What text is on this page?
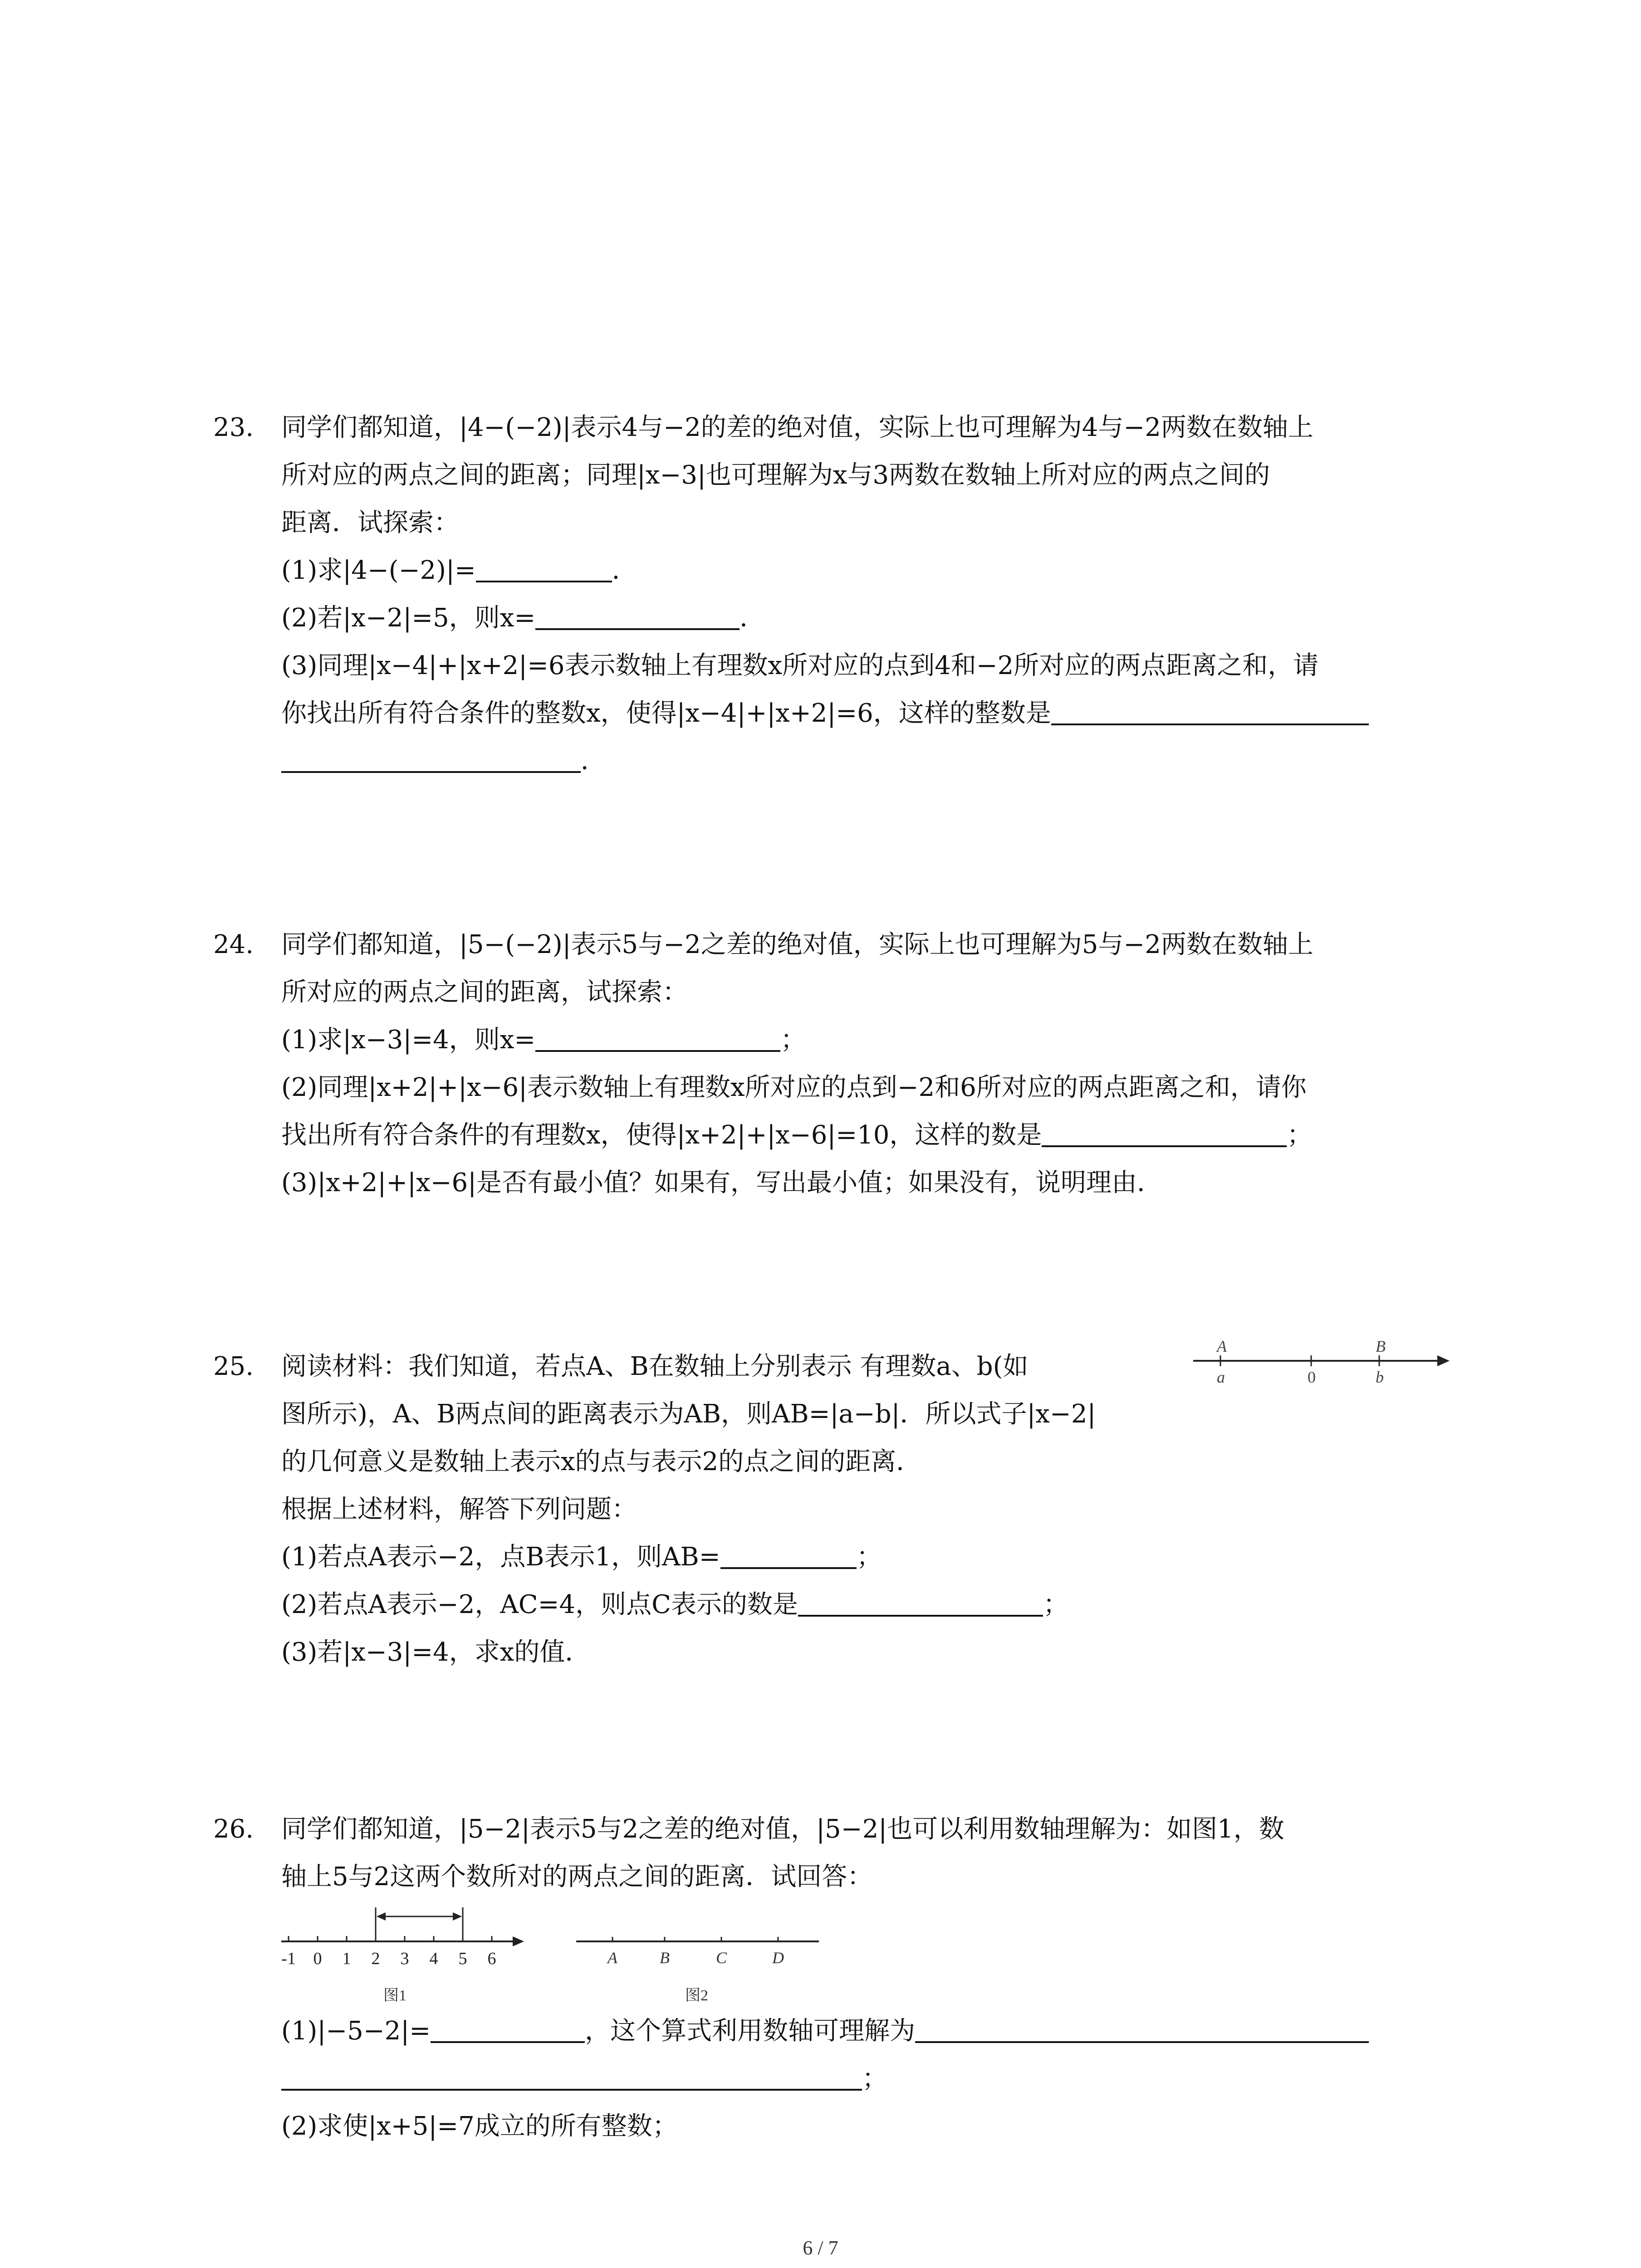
23. 同学们都知道，|4−(−2)|表示4与−2的差的绝对值，实际上也可理解为4与−2两数在数轴上
所对应的两点之间的距离；同理|x−3|也可理解为x与3两数在数轴上所对应的两点之间的
距离．试探索：
(1)求|4−(−2)|=	．
(2)若|x−2|=5，则x=	．
(3)同理|x−4|+|x+2|=6表示数轴上有理数x所对应的点到4和−2所对应的两点距离之和，请
你找出所有符合条件的整数x，使得|x−4|+|x+2|=6，这样的整数是
．
24. 同学们都知道，|5−(−2)|表示5与−2之差的绝对值，实际上也可理解为5与−2两数在数轴上
所对应的两点之间的距离，试探索：
(1)求|x−3|=4，则x=	；
(2)同理|x+2|+|x−6|表示数轴上有理数x所对应的点到−2和6所对应的两点距离之和，请你
找出所有符合条件的有理数x，使得|x+2|+|x−6|=10，这样的数是	；
(3)|x+2|+|x−6|是否有最小值？如果有，写出最小值；如果没有，说明理由．
25. 阅读材料：我们知道，若点A、B在数轴上分别表示 有理数a、b(如
图所示)，A、B两点间的距离表示为AB，则AB=|a−b|．所以式子|x−2|
的几何意义是数轴上表示x的点与表示2的点之间的距离．
根据上述材料，解答下列问题：
(1)若点A表示−2，点B表示1，则AB=	；
(2)若点A表示−2，AC=4，则点C表示的数是	；
(3)若|x−3|=4，求x的值．
A	B
a	0	b
26. 同学们都知道，|5−2|表示5与2之差的绝对值，|5−2|也可以利用数轴理解为：如图1，数
轴上5与2这两个数所对的两点之间的距离．试回答：
-1 0 1 2 3 4 5 6
图1
A	B	C	D
图2
(1)|−5−2|=	，这个算式利用数轴可理解为
；
(2)求使|x+5|=7成立的所有整数；
6 / 7
